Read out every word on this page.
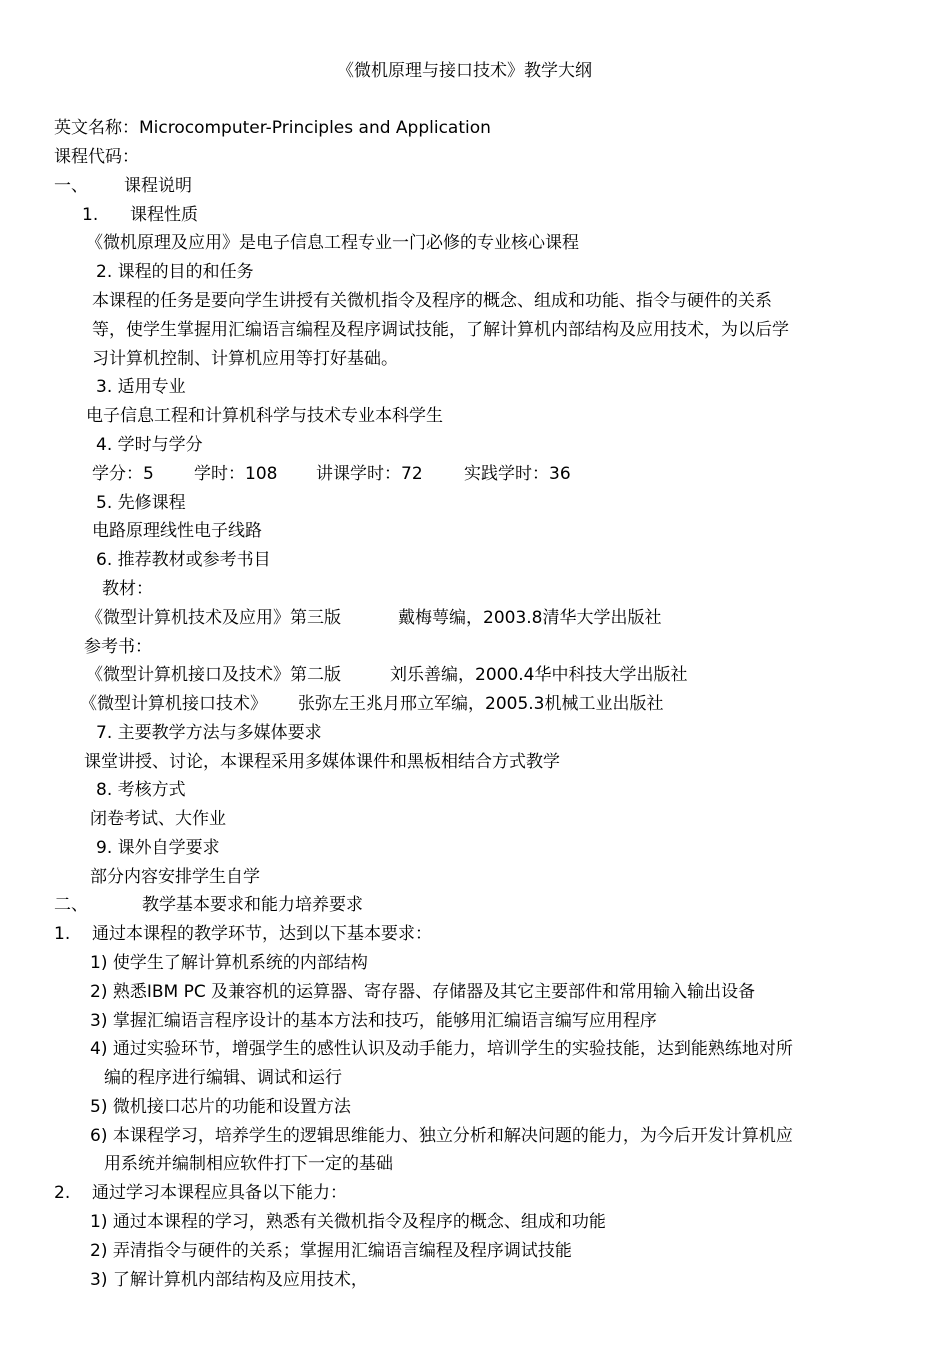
《微机原理与接口技术》教学大纲
英文名称：Microcomputer-Principles and Application
课程代码：
一、 课程说明
1. 课程性质
《微机原理及应用》是电子信息工程专业一门必修的专业核心课程
2. 课程的目的和任务
本课程的任务是要向学生讲授有关微机指令及程序的概念、组成和功能、指令与硬件的关系
等，使学生掌握用汇编语言编程及程序调试技能，了解计算机内部结构及应用技术，为以后学
习计算机控制、计算机应用等打好基础。
3. 适用专业
电子信息工程和计算机科学与技术专业本科学生
4. 学时与学分
学分：5 学时：108 讲课学时：72 实践学时：36
5. 先修课程
电路原理线性电子线路
6. 推荐教材或参考书目
教材：
《微型计算机技术及应用》第三版	戴梅萼编，2003.8清华大学出版社
参考书：
《微型计算机接口及技术》第二版	刘乐善编，2000.4华中科技大学出版社
《微型计算机接口技术》 张弥左王兆月邢立军编，2005.3机械工业出版社
7. 主要教学方法与多媒体要求
课堂讲授、讨论，本课程采用多媒体课件和黑板相结合方式教学
8. 考核方式
闭卷考试、大作业
9. 课外自学要求
部分内容安排学生自学
二、	教学基本要求和能力培养要求
1. 通过本课程的教学环节，达到以下基本要求：
1) 使学生了解计算机系统的内部结构
2) 熟悉IBM PC 及兼容机的运算器、寄存器、存储器及其它主要部件和常用输入输出设备
3) 掌握汇编语言程序设计的基本方法和技巧，能够用汇编语言编写应用程序
4) 通过实验环节，增强学生的感性认识及动手能力，培训学生的实验技能，达到能熟练地对所
编的程序进行编辑、调试和运行
5) 微机接口芯片的功能和设置方法
6) 本课程学习，培养学生的逻辑思维能力、独立分析和解决问题的能力，为今后开发计算机应
用系统并编制相应软件打下一定的基础
2. 通过学习本课程应具备以下能力：
1) 通过本课程的学习，熟悉有关微机指令及程序的概念、组成和功能
2) 弄清指令与硬件的关系；掌握用汇编语言编程及程序调试技能
3) 了解计算机内部结构及应用技术，
